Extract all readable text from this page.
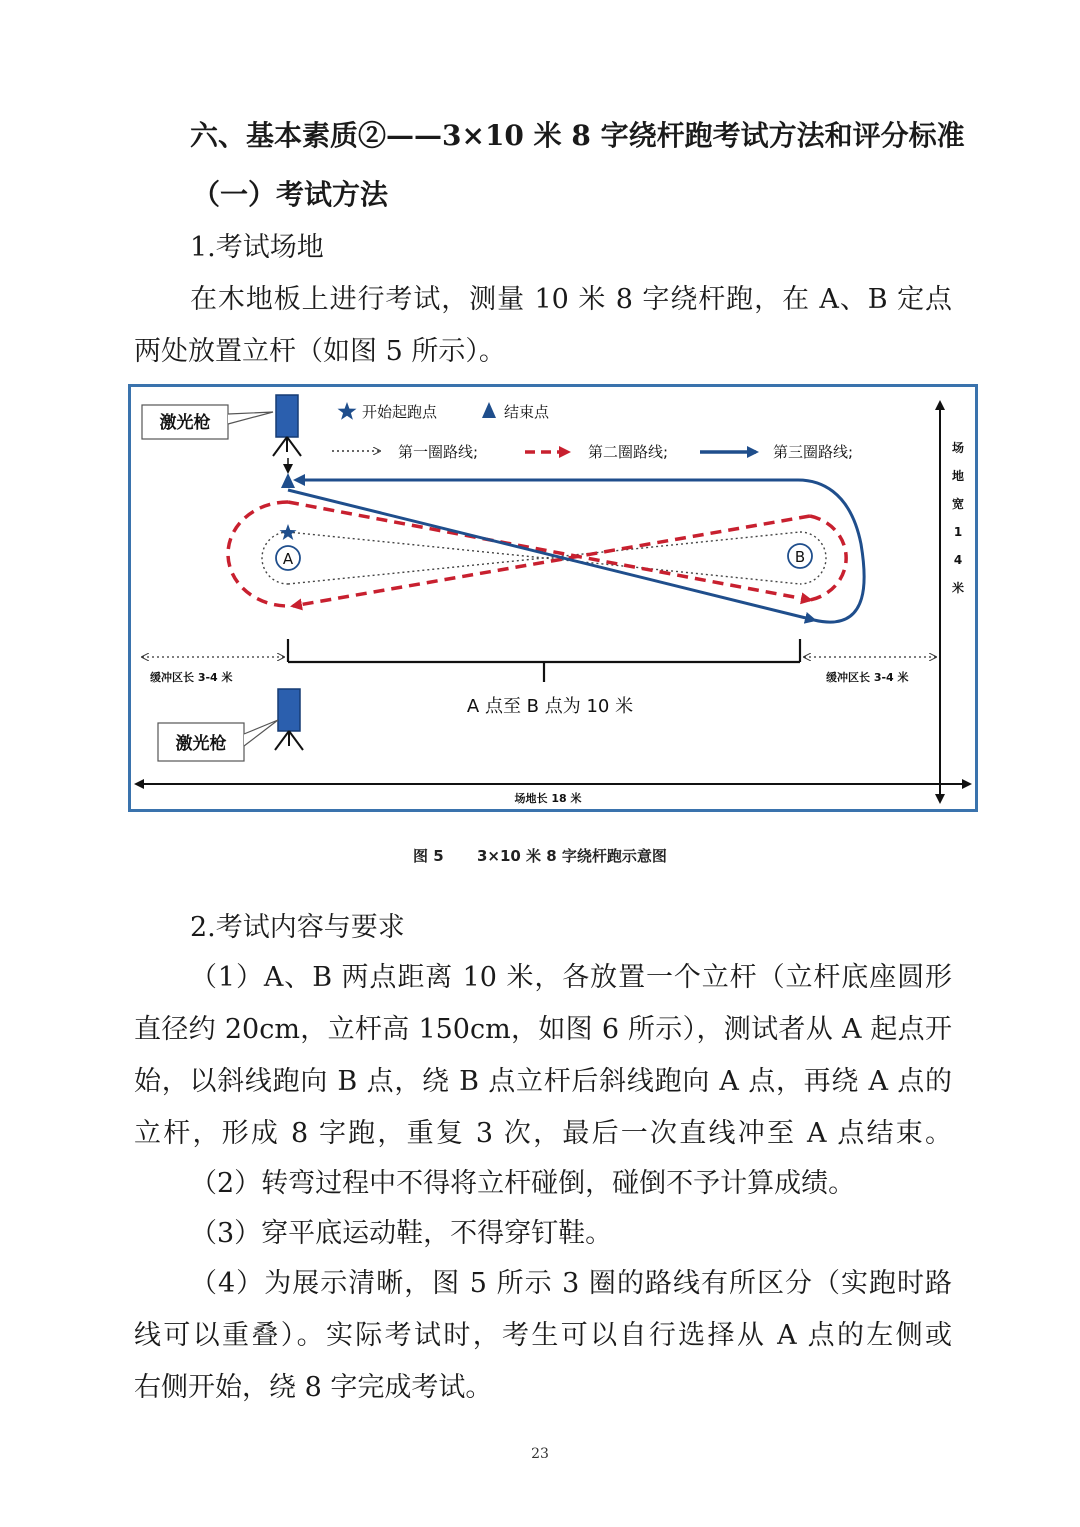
六、基本素质②——3×10 米 8 字绕杆跑考试方法和评分标准
（一）考试方法
1.考试场地
在木地板上进行考试，测量 10 米 8 字绕杆跑，在 A、B 定点
两处放置立杆（如图 5 所示）。
激光枪
激光枪
开始起跑点	结束点
第一圈路线;	第二圈路线;	第三圈路线;
A	B
A 点至 B 点为 10 米
缓冲区长 3-4 米	缓冲区长 3-4 米
场
地
宽
1
4
米
场地长 18 米
图 5 3×10 米 8 字绕杆跑示意图
2.考试内容与要求
（1）A、B 两点距离 10 米，各放置一个立杆（立杆底座圆形
直径约 20cm，立杆高 150cm，如图 6 所示），测试者从 A 起点开
始，以斜线跑向 B 点，绕 B 点立杆后斜线跑向 A 点，再绕 A 点的
立杆，形成 8 字跑，重复 3 次，最后一次直线冲至 A 点结束。
（2）转弯过程中不得将立杆碰倒，碰倒不予计算成绩。
（3）穿平底运动鞋，不得穿钉鞋。
（4）为展示清晰，图 5 所示 3 圈的路线有所区分（实跑时路
线可以重叠）。实际考试时，考生可以自行选择从 A 点的左侧或
右侧开始，绕 8 字完成考试。
23
